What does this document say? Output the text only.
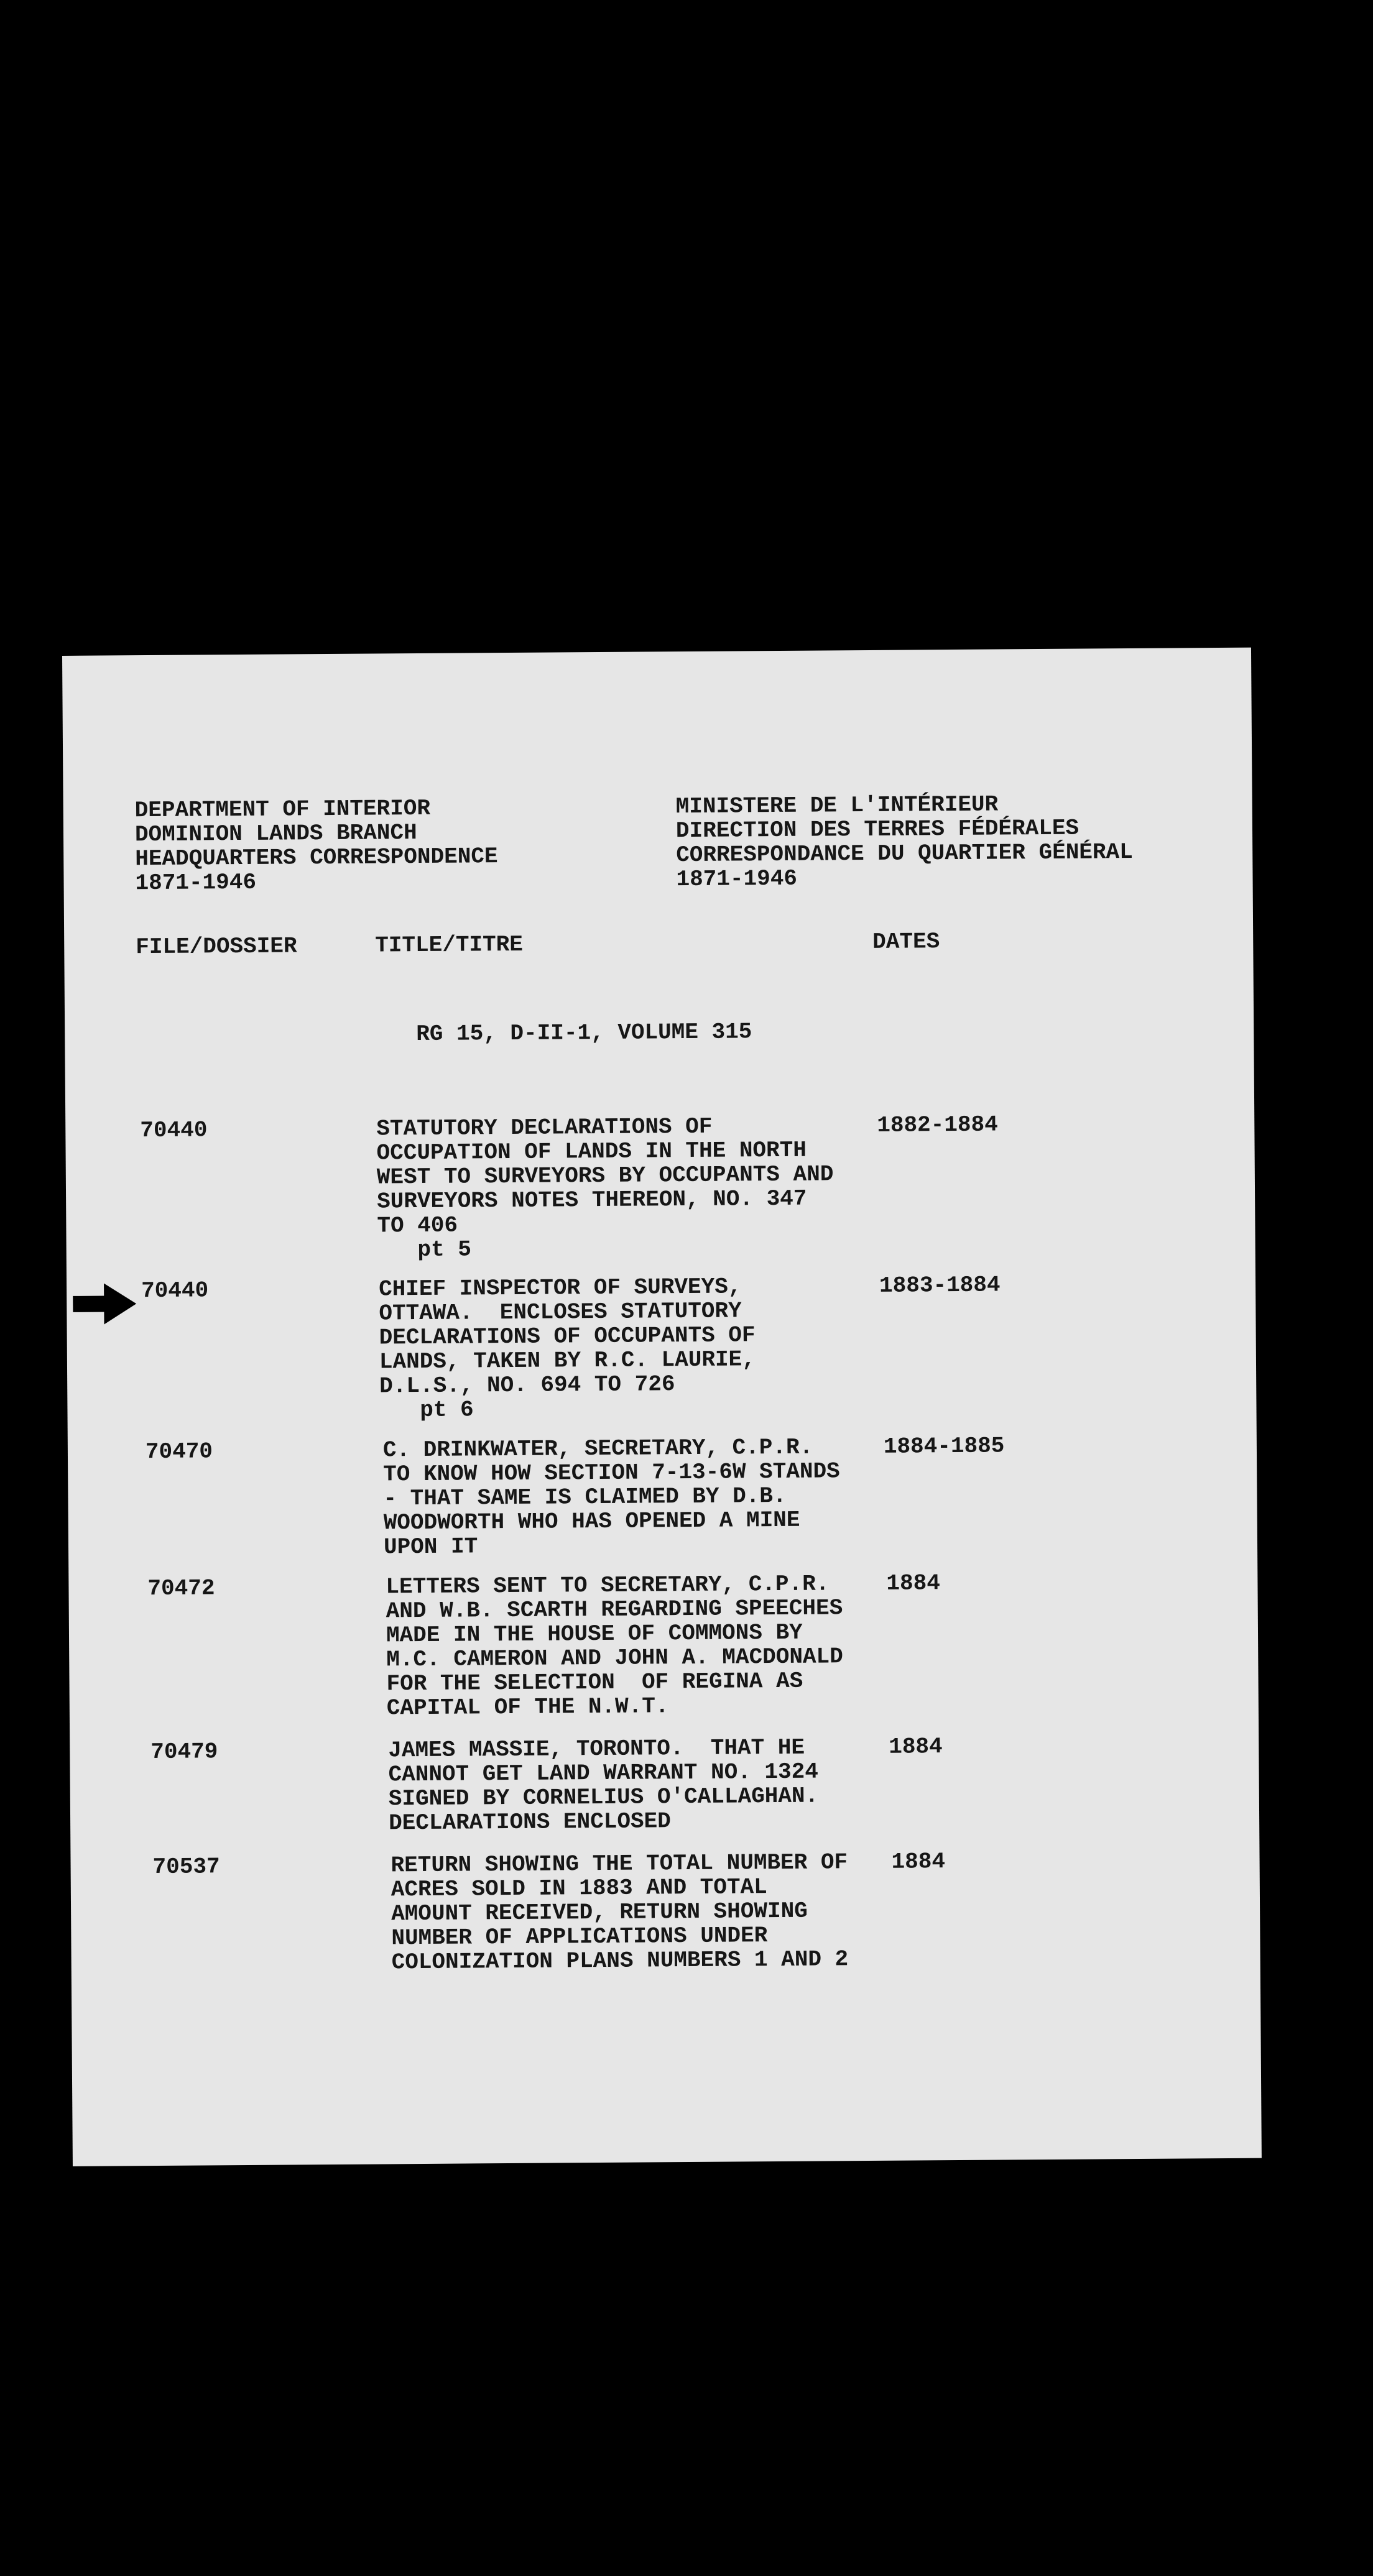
DEPARTMENT OF INTERIOR
DOMINION LANDS BRANCH
HEADQUARTERS CORRESPONDENCE
1871-1946
MINISTERE DE L'INTÉRIEUR
DIRECTION DES TERRES FÉDÉRALES
CORRESPONDANCE DU QUARTIER GÉNÉRAL
1871-1946
FILE/DOSSIER	TITLE/TITRE	DATES
RG 15, D-II-1, VOLUME 315
70440	STATUTORY DECLARATIONS OF
OCCUPATION OF LANDS IN THE NORTH
WEST TO SURVEYORS BY OCCUPANTS AND
SURVEYORS NOTES THEREON, NO. 347
TO 406
pt 5
1882-1884
70440	CHIEF INSPECTOR OF SURVEYS,
OTTAWA.  ENCLOSES STATUTORY
DECLARATIONS OF OCCUPANTS OF
LANDS, TAKEN BY R.C. LAURIE,
D.L.S., NO. 694 TO 726
pt 6
1883-1884
70470	C. DRINKWATER, SECRETARY, C.P.R.
TO KNOW HOW SECTION 7-13-6W STANDS
- THAT SAME IS CLAIMED BY D.B.
WOODWORTH WHO HAS OPENED A MINE
UPON IT
1884-1885
70472	LETTERS SENT TO SECRETARY, C.P.R.
AND W.B. SCARTH REGARDING SPEECHES
MADE IN THE HOUSE OF COMMONS BY
M.C. CAMERON AND JOHN A. MACDONALD
FOR THE SELECTION  OF REGINA AS
CAPITAL OF THE N.W.T.
1884
70479	JAMES MASSIE, TORONTO.  THAT HE
CANNOT GET LAND WARRANT NO. 1324
SIGNED BY CORNELIUS O'CALLAGHAN.
DECLARATIONS ENCLOSED
1884
70537	RETURN SHOWING THE TOTAL NUMBER OF
ACRES SOLD IN 1883 AND TOTAL
AMOUNT RECEIVED, RETURN SHOWING
NUMBER OF APPLICATIONS UNDER
COLONIZATION PLANS NUMBERS 1 AND 2
1884
